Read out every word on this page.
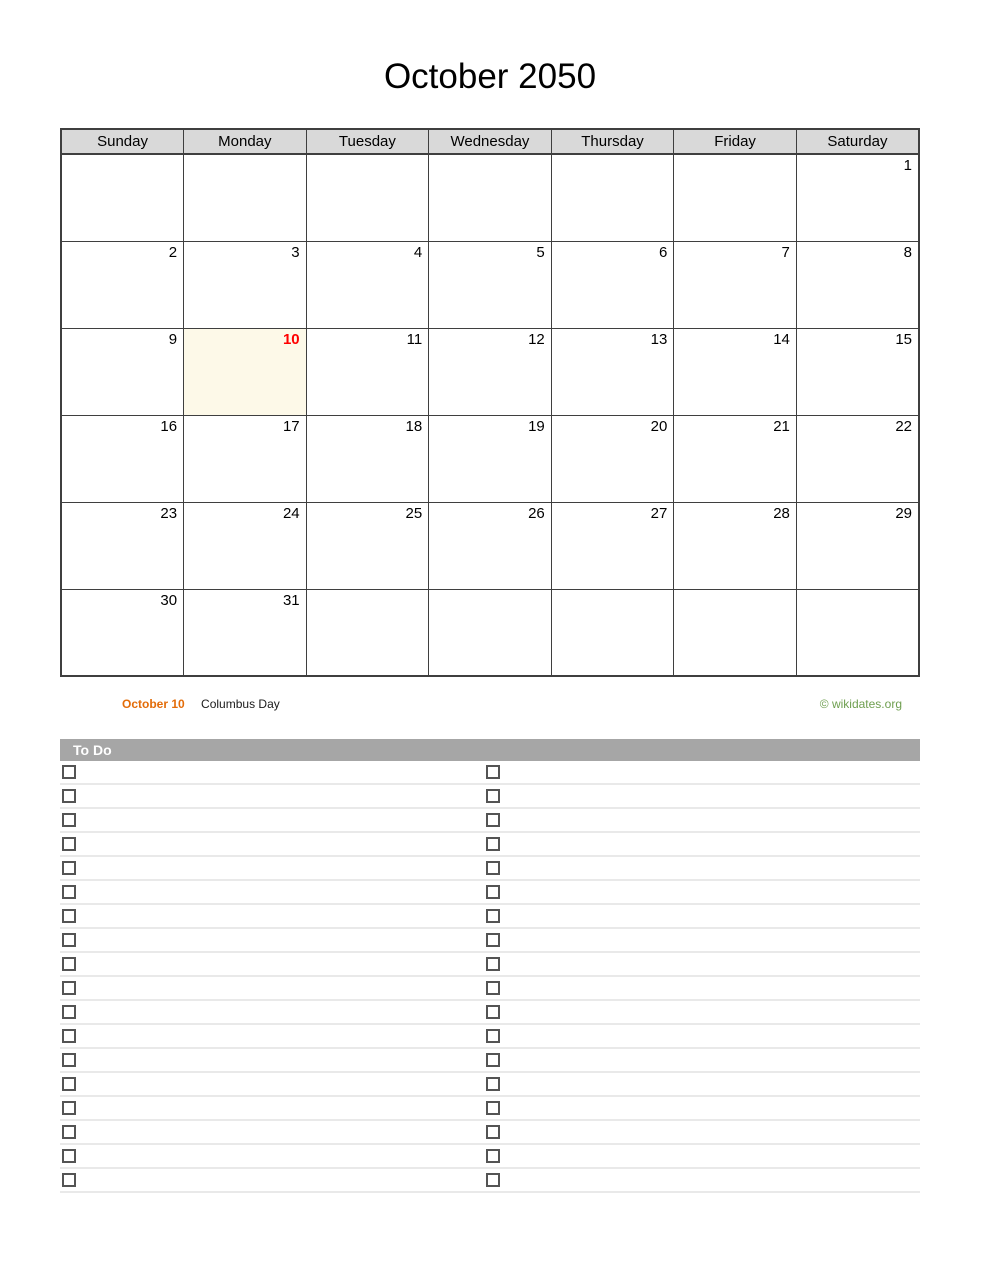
October 2050
Sunday	Monday	Tuesday	Wednesday	Thursday	Friday	Saturday
						1
2	3	4	5	6	7	8
9	10	11	12	13	14	15
16	17	18	19	20	21	22
23	24	25	26	27	28	29
30	31					
October 10 Columbus Day	© wikidates.org
To Do
